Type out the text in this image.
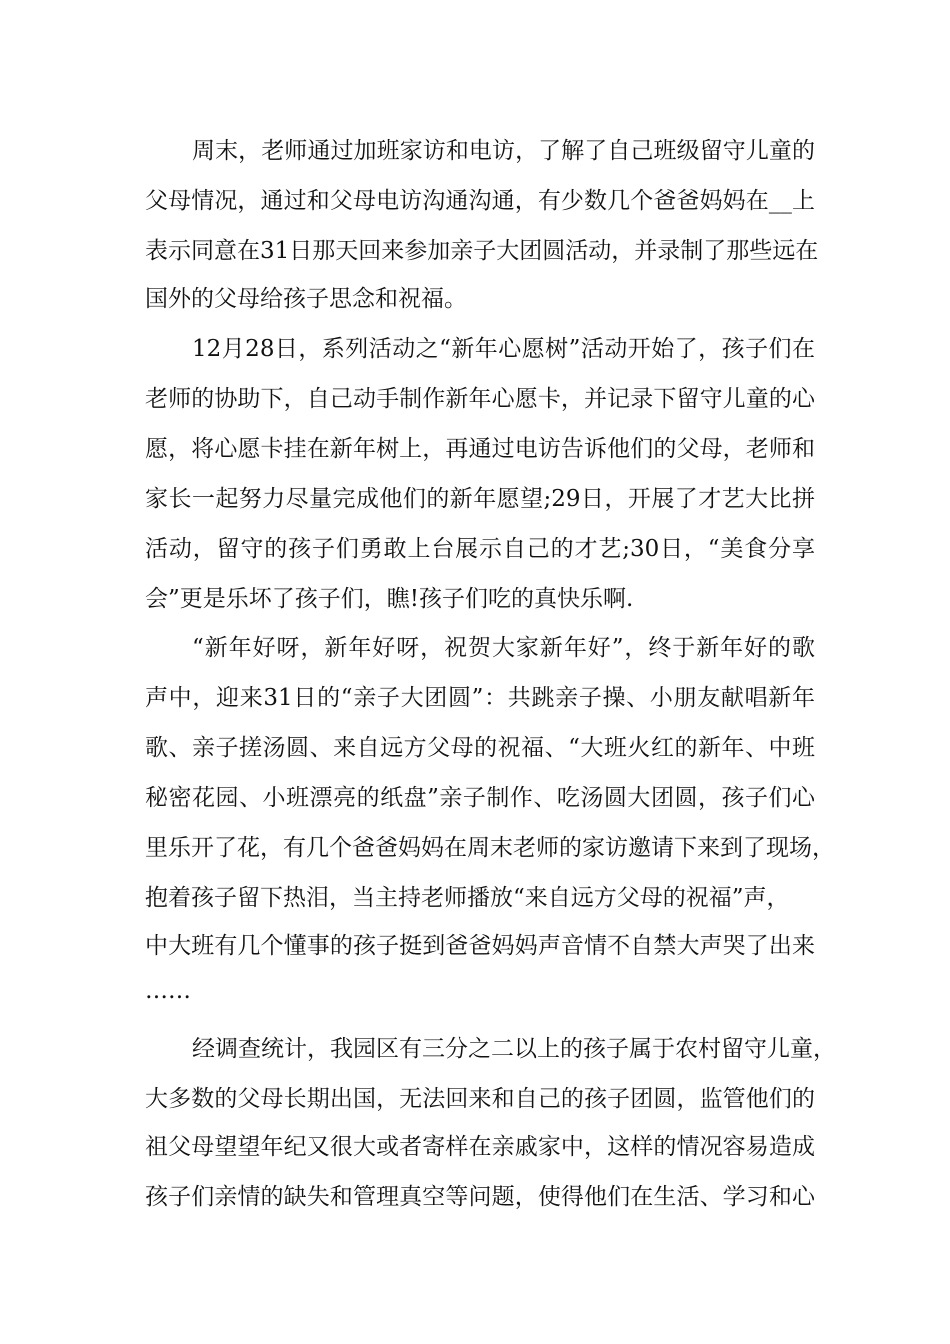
周末，老师通过加班家访和电访，了解了自己班级留守儿童的
父母情况，通过和父母电访沟通沟通，有少数几个爸爸妈妈在__上
表示同意在31日那天回来参加亲子大团圆活动，并录制了那些远在
国外的父母给孩子思念和祝福。
12月28日，系列活动之“新年心愿树”活动开始了，孩子们在
老师的协助下，自己动手制作新年心愿卡，并记录下留守儿童的心
愿，将心愿卡挂在新年树上，再通过电访告诉他们的父母，老师和
家长一起努力尽量完成他们的新年愿望;29日，开展了才艺大比拼
活动，留守的孩子们勇敢上台展示自己的才艺;30日，“美食分享
会”更是乐坏了孩子们，瞧!孩子们吃的真快乐啊.
“新年好呀，新年好呀，祝贺大家新年好”，终于新年好的歌
声中，迎来31日的“亲子大团圆”：共跳亲子操、小朋友献唱新年
歌、亲子搓汤圆、来自远方父母的祝福、“大班火红的新年、中班
秘密花园、小班漂亮的纸盘”亲子制作、吃汤圆大团圆，孩子们心
里乐开了花，有几个爸爸妈妈在周末老师的家访邀请下来到了现场，
抱着孩子留下热泪，当主持老师播放“来自远方父母的祝福”声，
中大班有几个懂事的孩子挺到爸爸妈妈声音情不自禁大声哭了出来
……
经调查统计，我园区有三分之二以上的孩子属于农村留守儿童，
大多数的父母长期出国，无法回来和自己的孩子团圆，监管他们的
祖父母望望年纪又很大或者寄样在亲戚家中，这样的情况容易造成
孩子们亲情的缺失和管理真空等问题，使得他们在生活、学习和心
